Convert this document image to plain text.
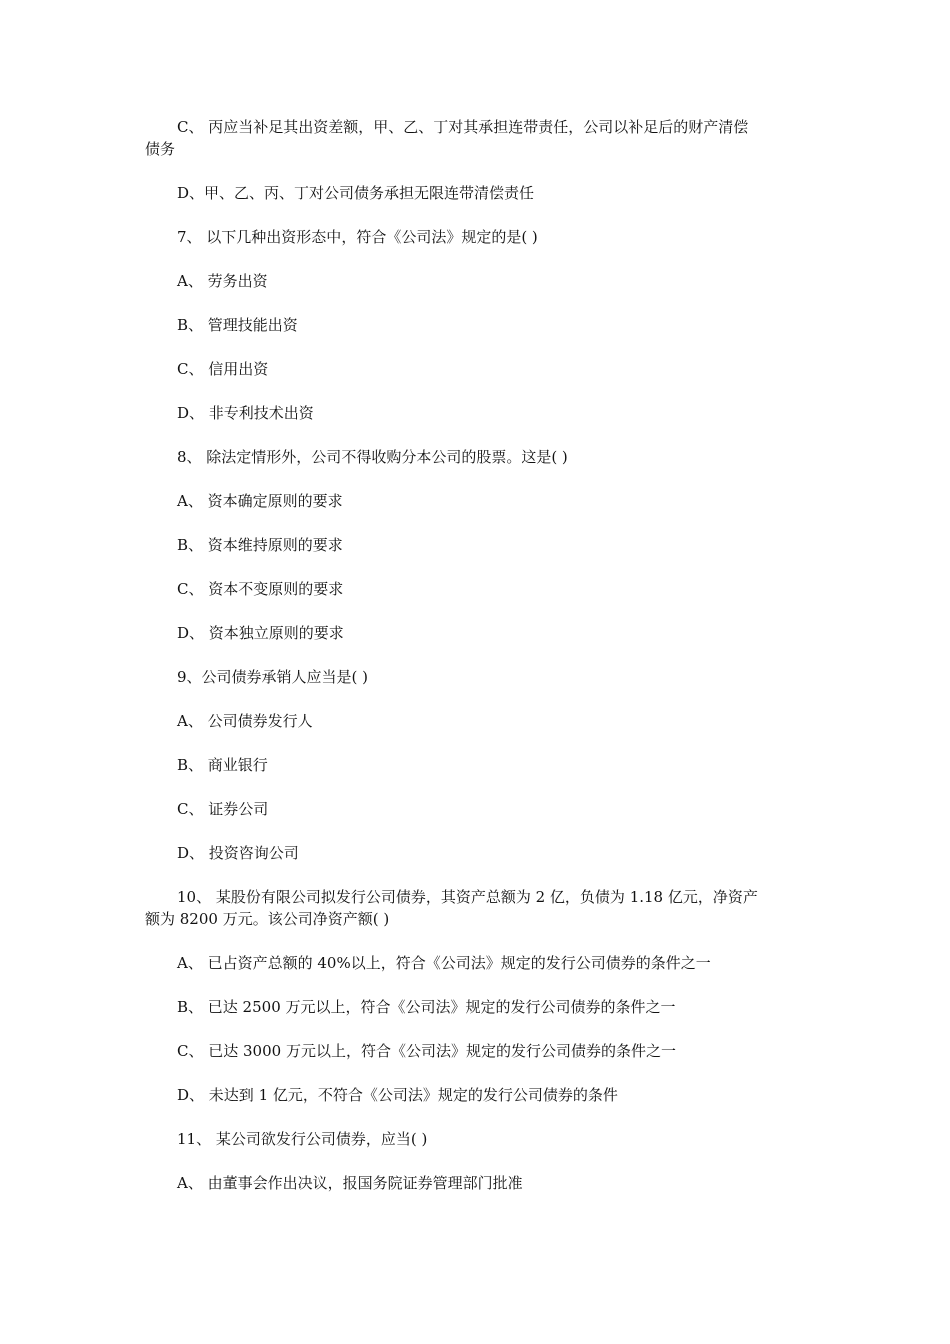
C、 丙应当补足其出资差额，甲、乙、丁对其承担连带责任，公司以补足后的财产清偿
债务
D、甲、乙、丙、丁对公司债务承担无限连带清偿责任
7、 以下几种出资形态中，符合《公司法》规定的是( )
A、 劳务出资
B、 管理技能出资
C、 信用出资
D、 非专利技术出资
8、 除法定情形外，公司不得收购分本公司的股票。这是( )
A、 资本确定原则的要求
B、 资本维持原则的要求
C、 资本不变原则的要求
D、 资本独立原则的要求
9、公司债券承销人应当是( )
A、 公司债券发行人
B、 商业银行
C、 证券公司
D、 投资咨询公司
10、 某股份有限公司拟发行公司债券，其资产总额为 2 亿，负债为 1.18 亿元，净资产
额为 8200 万元。该公司净资产额( )
A、 已占资产总额的 40%以上，符合《公司法》规定的发行公司债券的条件之一
B、 已达 2500 万元以上，符合《公司法》规定的发行公司债券的条件之一
C、 已达 3000 万元以上，符合《公司法》规定的发行公司债券的条件之一
D、 未达到 1 亿元，不符合《公司法》规定的发行公司债券的条件
11、 某公司欲发行公司债券，应当( )
A、 由董事会作出决议，报国务院证券管理部门批准
